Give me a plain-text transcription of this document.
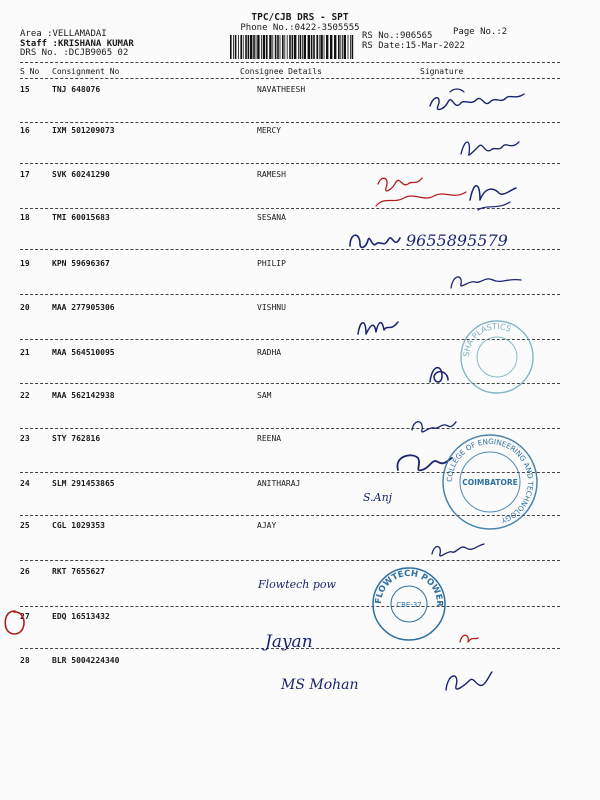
Area :VELLAMADAI
Staff :KRISHANA KUMAR
DRS No. :DCJB9065 02
TPC/CJB DRS - SPT
Phone No.:0422-3505555	Page No.:2
RS No.:906565
RS Date:15-Mar-2022
S No Consignment No	Consignee Details	Signature
15	TNJ 648076	NAVATHEESH
16	IXM 501209073	MERCY
17	SVK 60241290	RAMESH
18	TMI 60015683	SESANA
19	KPN 59696367	PHILIP
20	MAA 277905306	VISHNU
21	MAA 564510095	RADHA
22	MAA 562142938	SAM
23	STY 762816	REENA
24	SLM 291453865	ANITHARAJ
25	CGL 1029353	AJAY
26	RKT 7655627
27	EDQ 16513432
28	BLR 5004224340
9655895579
S.Anj
Flowtech pow
Jayan
MS Mohan
SHA PLASTICS
COLLEGE OF ENGINEERING AND TECHNOLOGY
COIMBATORE
FLOWTECH POWER
CBE-37
